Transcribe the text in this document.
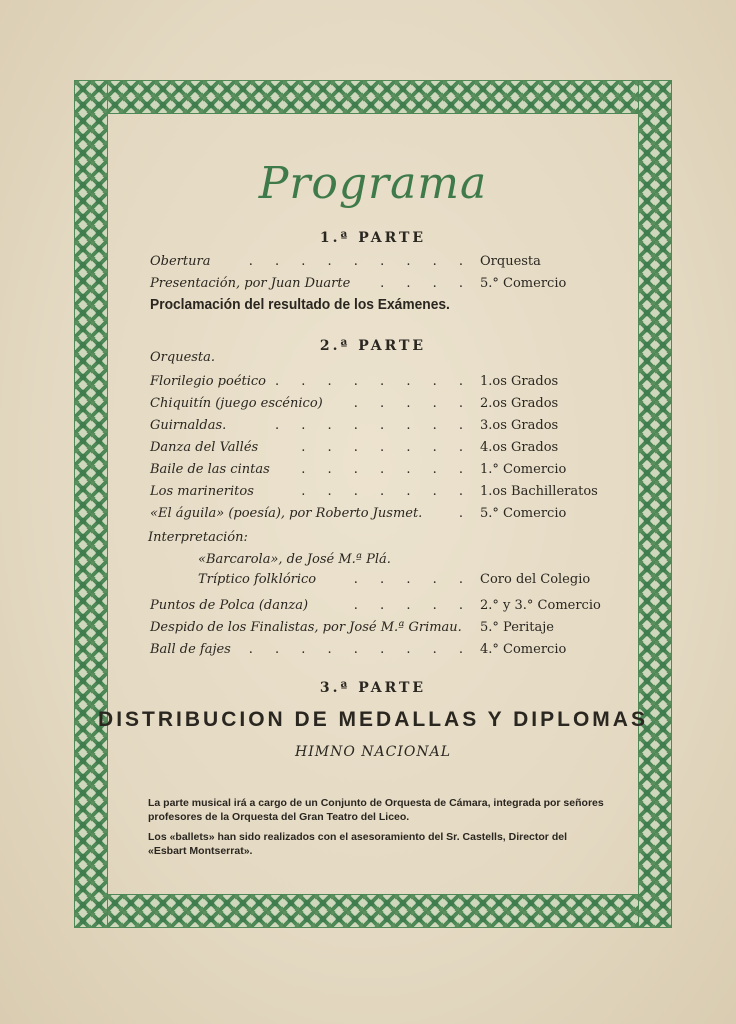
Programa
1.ª PARTE
Obertura	. . . . . . . . . Orquesta
Presentación, por Juan Duarte . . . . 5.° Comercio
Proclamación del resultado de los Exámenes.
2.ª PARTE
Orquesta.
Florilegio poético . . . . . . . . 1.os Grados
Chiquitín (juego escénico) . . . . . 2.os Grados
Guirnaldas.	. . . . . . . . 3.os Grados
Danza del Vallés	. . . . . . . 4.os Grados
Baile de las cintas . . . . . . . 1.° Comercio
Los marineritos	. . . . . . . 1.os Bachilleratos
«El águila» (poesía), por Roberto Jusmet.	. 5.° Comercio
Interpretación:
«Barcarola», de José M.ª Plá.
Tríptico folklórico	. . . . . Coro del Colegio
Puntos de Polca (danza)	. . . . . 2.° y 3.° Comercio
Despido de los Finalistas, por José M.ª Grimau. 5.° Peritaje
Ball de fajes . . . . . . . . . 4.° Comercio
3.ª PARTE
DISTRIBUCION DE MEDALLAS Y DIPLOMAS
HIMNO NACIONAL
La parte musical irá a cargo de un Conjunto de Orquesta de Cámara, integrada por señores profesores de la Orquesta del Gran Teatro del Liceo.
Los «ballets» han sido realizados con el asesoramiento del Sr. Castells, Director del «Esbart Montserrat».
